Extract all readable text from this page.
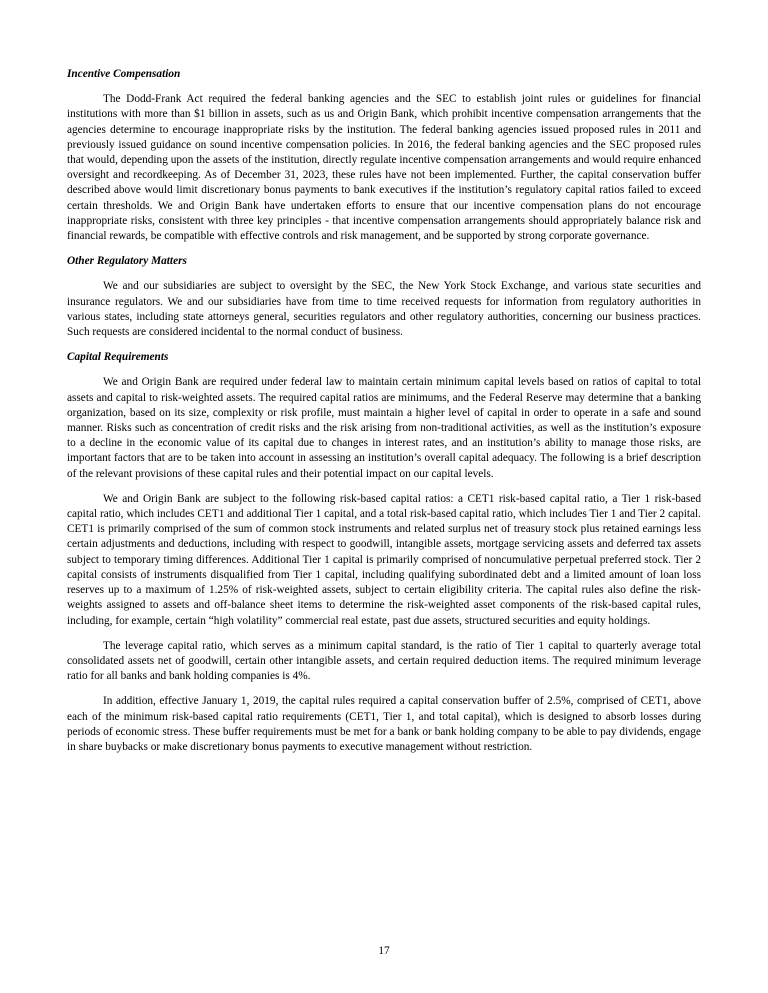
Incentive Compensation
The Dodd-Frank Act required the federal banking agencies and the SEC to establish joint rules or guidelines for financial institutions with more than $1 billion in assets, such as us and Origin Bank, which prohibit incentive compensation arrangements that the agencies determine to encourage inappropriate risks by the institution. The federal banking agencies issued proposed rules in 2011 and previously issued guidance on sound incentive compensation policies. In 2016, the federal banking agencies and the SEC proposed rules that would, depending upon the assets of the institution, directly regulate incentive compensation arrangements and would require enhanced oversight and recordkeeping. As of December 31, 2023, these rules have not been implemented. Further, the capital conservation buffer described above would limit discretionary bonus payments to bank executives if the institution’s regulatory capital ratios failed to exceed certain thresholds. We and Origin Bank have undertaken efforts to ensure that our incentive compensation plans do not encourage inappropriate risks, consistent with three key principles - that incentive compensation arrangements should appropriately balance risk and financial rewards, be compatible with effective controls and risk management, and be supported by strong corporate governance.
Other Regulatory Matters
We and our subsidiaries are subject to oversight by the SEC, the New York Stock Exchange, and various state securities and insurance regulators. We and our subsidiaries have from time to time received requests for information from regulatory authorities in various states, including state attorneys general, securities regulators and other regulatory authorities, concerning our business practices. Such requests are considered incidental to the normal conduct of business.
Capital Requirements
We and Origin Bank are required under federal law to maintain certain minimum capital levels based on ratios of capital to total assets and capital to risk-weighted assets. The required capital ratios are minimums, and the Federal Reserve may determine that a banking organization, based on its size, complexity or risk profile, must maintain a higher level of capital in order to operate in a safe and sound manner. Risks such as concentration of credit risks and the risk arising from non-traditional activities, as well as the institution’s exposure to a decline in the economic value of its capital due to changes in interest rates, and an institution’s ability to manage those risks, are important factors that are to be taken into account in assessing an institution’s overall capital adequacy. The following is a brief description of the relevant provisions of these capital rules and their potential impact on our capital levels.
We and Origin Bank are subject to the following risk-based capital ratios: a CET1 risk-based capital ratio, a Tier 1 risk-based capital ratio, which includes CET1 and additional Tier 1 capital, and a total risk-based capital ratio, which includes Tier 1 and Tier 2 capital. CET1 is primarily comprised of the sum of common stock instruments and related surplus net of treasury stock plus retained earnings less certain adjustments and deductions, including with respect to goodwill, intangible assets, mortgage servicing assets and deferred tax assets subject to temporary timing differences. Additional Tier 1 capital is primarily comprised of noncumulative perpetual preferred stock. Tier 2 capital consists of instruments disqualified from Tier 1 capital, including qualifying subordinated debt and a limited amount of loan loss reserves up to a maximum of 1.25% of risk-weighted assets, subject to certain eligibility criteria. The capital rules also define the risk-weights assigned to assets and off-balance sheet items to determine the risk-weighted asset components of the risk-based capital rules, including, for example, certain “high volatility” commercial real estate, past due assets, structured securities and equity holdings.
The leverage capital ratio, which serves as a minimum capital standard, is the ratio of Tier 1 capital to quarterly average total consolidated assets net of goodwill, certain other intangible assets, and certain required deduction items. The required minimum leverage ratio for all banks and bank holding companies is 4%.
In addition, effective January 1, 2019, the capital rules required a capital conservation buffer of 2.5%, comprised of CET1, above each of the minimum risk-based capital ratio requirements (CET1, Tier 1, and total capital), which is designed to absorb losses during periods of economic stress. These buffer requirements must be met for a bank or bank holding company to be able to pay dividends, engage in share buybacks or make discretionary bonus payments to executive management without restriction.
17
